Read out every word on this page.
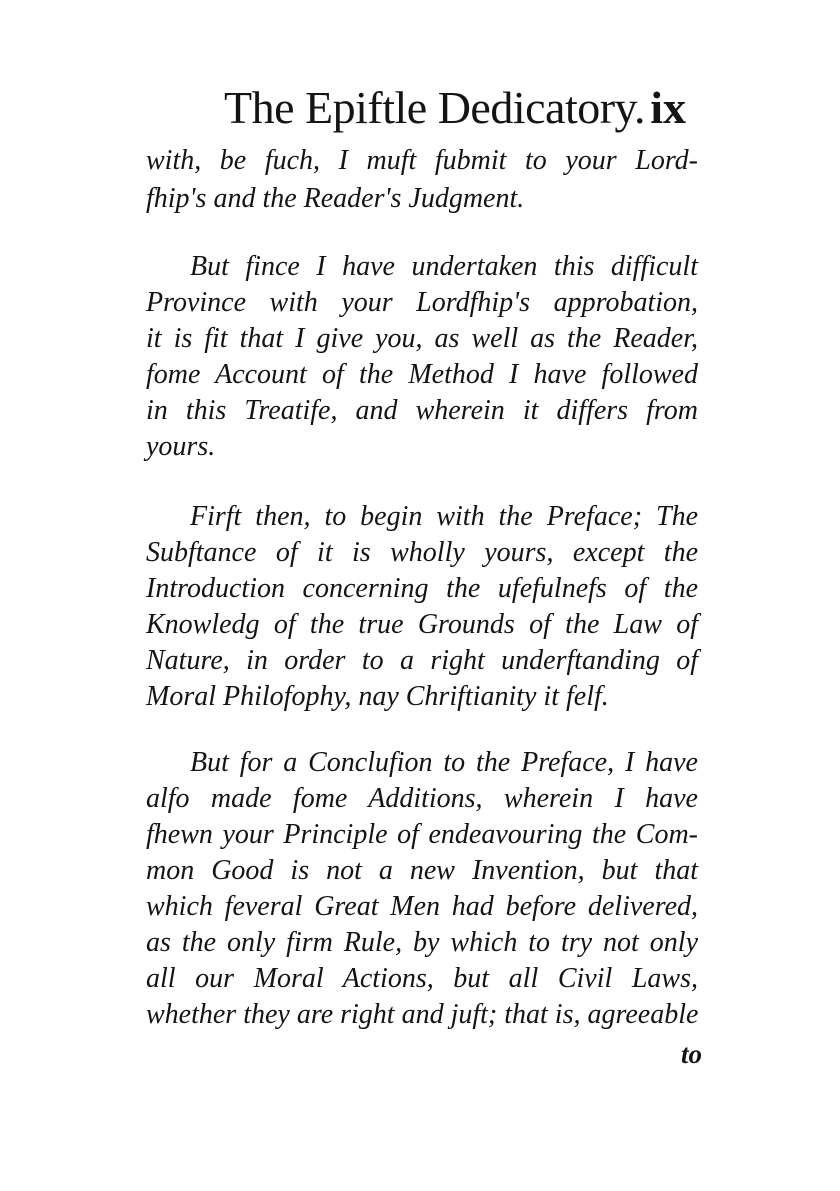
The Epiftle Dedicatory. ix
with, be fuch, I muft fubmit to your Lord-
fhip's and the Reader's Judgment.
But fince I have undertaken this difficult
Province with your Lordfhip's approbation,
it is fit that I give you, as well as the Reader,
fome Account of the Method I have followed
in this Treatife, and wherein it differs from
yours.
Firft then, to begin with the Preface; The
Subftance of it is wholly yours, except the
Introduction concerning the ufefulnefs of the
Knowledg of the true Grounds of the Law of
Nature, in order to a right underftanding of
Moral Philofophy, nay Chriftianity it felf.
But for a Conclufion to the Preface, I have
alfo made fome Additions, wherein I have
fhewn your Principle of endeavouring the Com-
mon Good is not a new Invention, but that
which feveral Great Men had before delivered,
as the only firm Rule, by which to try not only
all our Moral Actions, but all Civil Laws,
whether they are right and juft; that is, agreeable
to
